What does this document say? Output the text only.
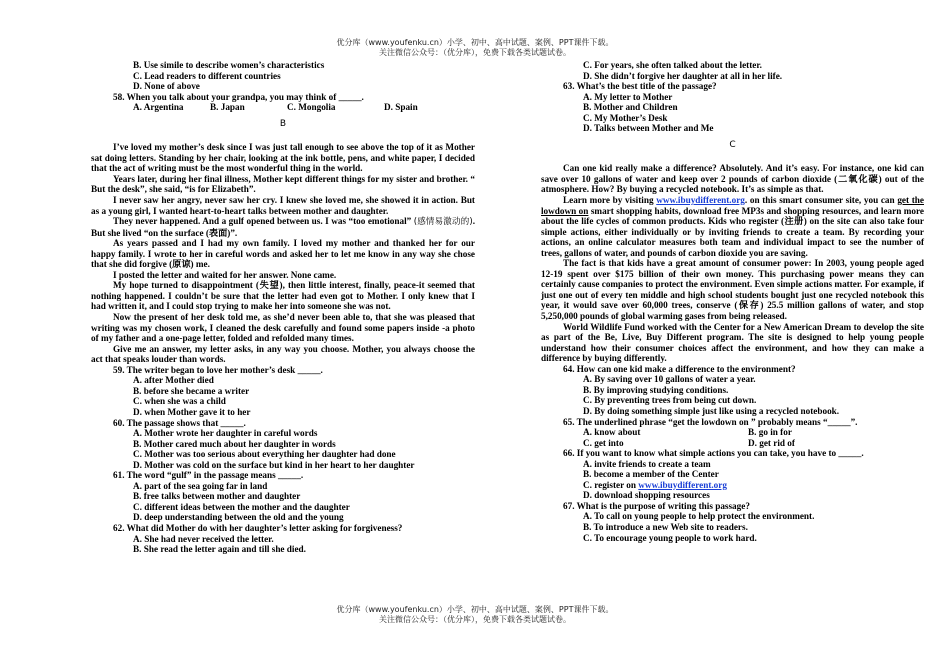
优分库（www.youfenku.cn）小学、初中、高中试题、案例、PPT课件下载。
关注微信公众号：（优分库），免费下载各类试题试卷。

B. Use simile to describe women’s characteristics

C. Lead readers to different countries

D. None of above

58. When you talk about your grandpa, you may think of _____.

A. Argentina	B. Japan	C. Mongolia	D. Spain

B

I’ve loved my mother’s desk since I was just tall enough to see above the top of it as Mother sat doing letters. Standing by her chair, looking at the ink bottle, pens, and white paper, I decided that the act of writing must be the most wonderful thing in the world.

Years later, during her final illness, Mother kept different things for my sister and brother. “ But the desk”, she said, “is for Elizabeth”.

I never saw her angry, never saw her cry. I knew she loved me, she showed it in action. But as a young girl, I wanted heart-to-heart talks between mother and daughter.

They never happened. And a gulf opened between us. I was “too emotional” (感情易激动的). But she lived “on the surface (表面)”.

As years passed and I had my own family. I loved my mother and thanked her for our happy family. I wrote to her in careful words and asked her to let me know in any way she chose that she did forgive (原谅) me.

I posted the letter and waited for her answer. None came.

My hope turned to disappointment (失望), then little interest, finally, peace-it seemed that nothing happened. I couldn’t be sure that the letter had even got to Mother. I only knew that I had written it, and I could stop trying to make her into someone she was not.

Now the present of her desk told me, as she’d never been able to, that she was pleased that writing was my chosen work, I cleaned the desk carefully and found some papers inside -a photo of my father and a one-page letter, folded and refolded many times.

Give me an answer, my letter asks, in any way you choose. Mother, you always choose the act that speaks louder than words.

59. The writer began to love her mother’s desk _____.

A. after Mother died

B. before she became a writer

C. when she was a child

D. when Mother gave it to her

60. The passage shows that _____.

A. Mother wrote her daughter in careful words

B. Mother cared much about her daughter in words

C. Mother was too serious about everything her daughter had done

D. Mother was cold on the surface but kind in her heart to her daughter

61. The word “gulf” in the passage means _____.

A. part of the sea going far in land

B. free talks between mother and daughter

C. different ideas between the mother and the daughter

D. deep understanding between the old and the young

62. What did Mother do with her daughter’s letter asking for forgiveness?

A. She had never received the letter.

B. She read the letter again and till she died.

C. For years, she often talked about the letter.

D. She didn’t forgive her daughter at all in her life.

63. What’s the best title of the passage?

A. My letter to Mother

B. Mother and Children

C. My Mother’s Desk

D. Talks between Mother and Me

C

Can one kid really make a difference? Absolutely. And it’s easy. For instance, one kid can save over 10 gallons of water and keep over 2 pounds of carbon dioxide (二氧化碳) out of the atmosphere. How? By buying a recycled notebook. It’s as simple as that.

Learn more by visiting www.ibuydifferent.org. on this smart consumer site, you can get the lowdown on smart shopping habits, download free MP3s and shopping resources, and learn more about the life cycles of common products. Kids who register (注册) on the site can also take four simple actions, either individually or by inviting friends to create a team. By recording your actions, an online calculator measures both team and individual impact to see the number of trees, gallons of water, and pounds of carbon dioxide you are saving.

The fact is that kids have a great amount of consumer power: In 2003, young people aged 12-19 spent over $175 billion of their own money. This purchasing power means they can certainly cause companies to protect the environment. Even simple actions matter. For example, if just one out of every ten middle and high school students bought just one recycled notebook this year, it would save over 60,000 trees, conserve (保存) 25.5 million gallons of water, and stop 5,250,000 pounds of global warming gases from being released.

World Wildlife Fund worked with the Center for a New American Dream to develop the site as part of the Be, Live, Buy Different program. The site is designed to help young people understand how their consumer choices affect the environment, and how they can make a difference by buying differently.

64. How can one kid make a difference to the environment?

A. By saving over 10 gallons of water a year.

B. By improving studying conditions.

C. By preventing trees from being cut down.

D. By doing something simple just like using a recycled notebook.

65. The underlined phrase “get the lowdown on ” probably means “_____”.

A. know about	B. go in for

C. get into	D. get rid of

66. If you want to know what simple actions you can take, you have to _____.

A. invite friends to create a team

B. become a member of the Center

C. register on www.ibuydifferent.org

D. download shopping resources

67. What is the purpose of writing this passage?

A. To call on young people to help protect the environment.

B. To introduce a new Web site to readers.

C. To encourage young people to work hard.

优分库（www.youfenku.cn）小学、初中、高中试题、案例、PPT课件下载。
关注微信公众号：（优分库），免费下载各类试题试卷。
